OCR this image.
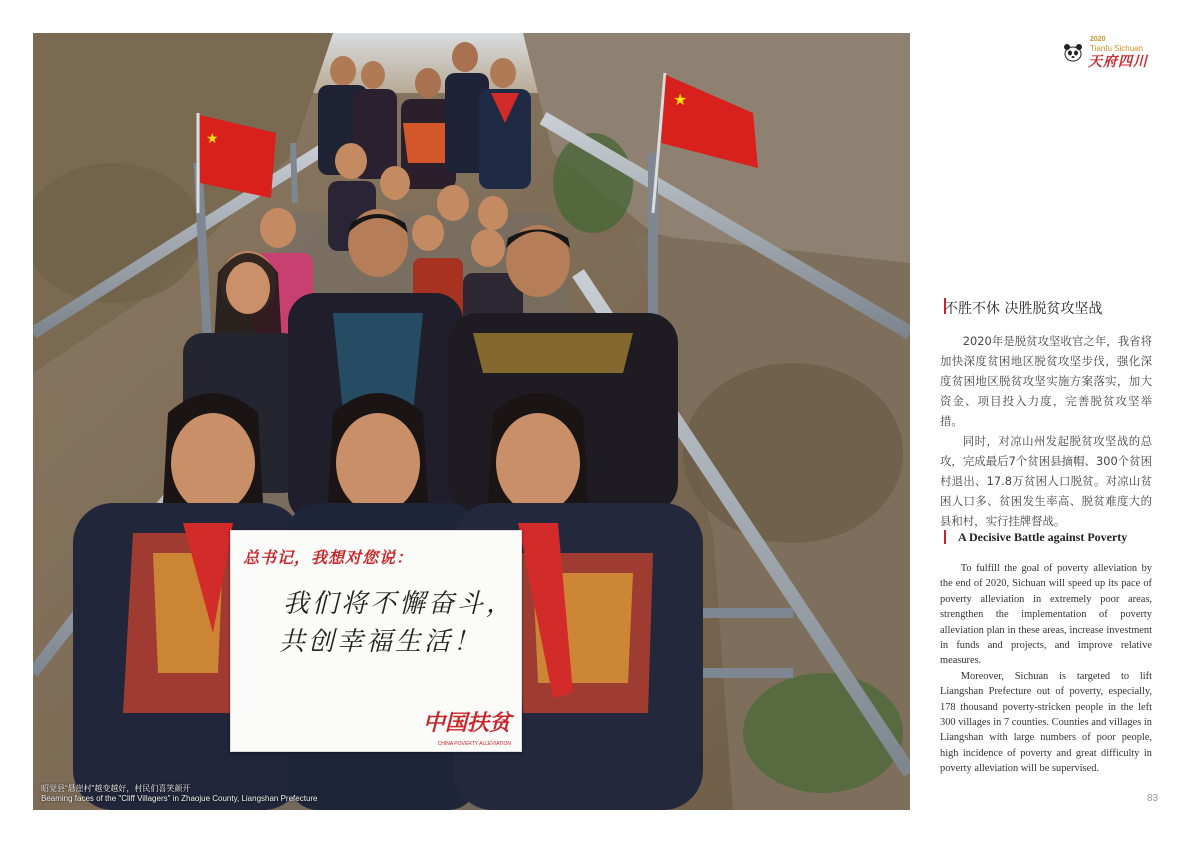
2020
Tianfu Sichuan
天府四川
★
★
总书记，我想对您说：
我们将不懈奋斗，
共创幸福生活！
中国扶贫
CHINA POVERTY ALLEVIATION
昭觉县“悬崖村”越变越好，村民们喜笑颜开
Beaming faces of the "Cliff Villagers" in Zhaojue County, Liangshan Prefecture
不胜不休 决胜脱贫攻坚战

2020年是脱贫攻坚收官之年，我省将加快深度贫困地区脱贫攻坚步伐，强化深度贫困地区脱贫攻坚实施方案落实，加大资金、项目投入力度，完善脱贫攻坚举措。

同时，对凉山州发起脱贫攻坚战的总攻，完成最后7个贫困县摘帽、300个贫困村退出、17.8万贫困人口脱贫。对凉山贫困人口多、贫困发生率高、脱贫难度大的县和村，实行挂牌督战。

A Decisive Battle against Poverty

To fulfill the goal of poverty alleviation by the end of 2020, Sichuan will speed up its pace of poverty alleviation in extremely poor areas, strengthen the implementation of poverty alleviation plan in these areas, increase investment in funds and projects, and improve relative measures.

Moreover, Sichuan is targeted to lift Liangshan Prefecture out of poverty, especially, 178 thousand poverty-stricken people in the left 300 villages in 7 counties. Counties and villages in Liangshan with large numbers of poor people, high incidence of poverty and great difficulty in poverty alleviation will be supervised.

83
